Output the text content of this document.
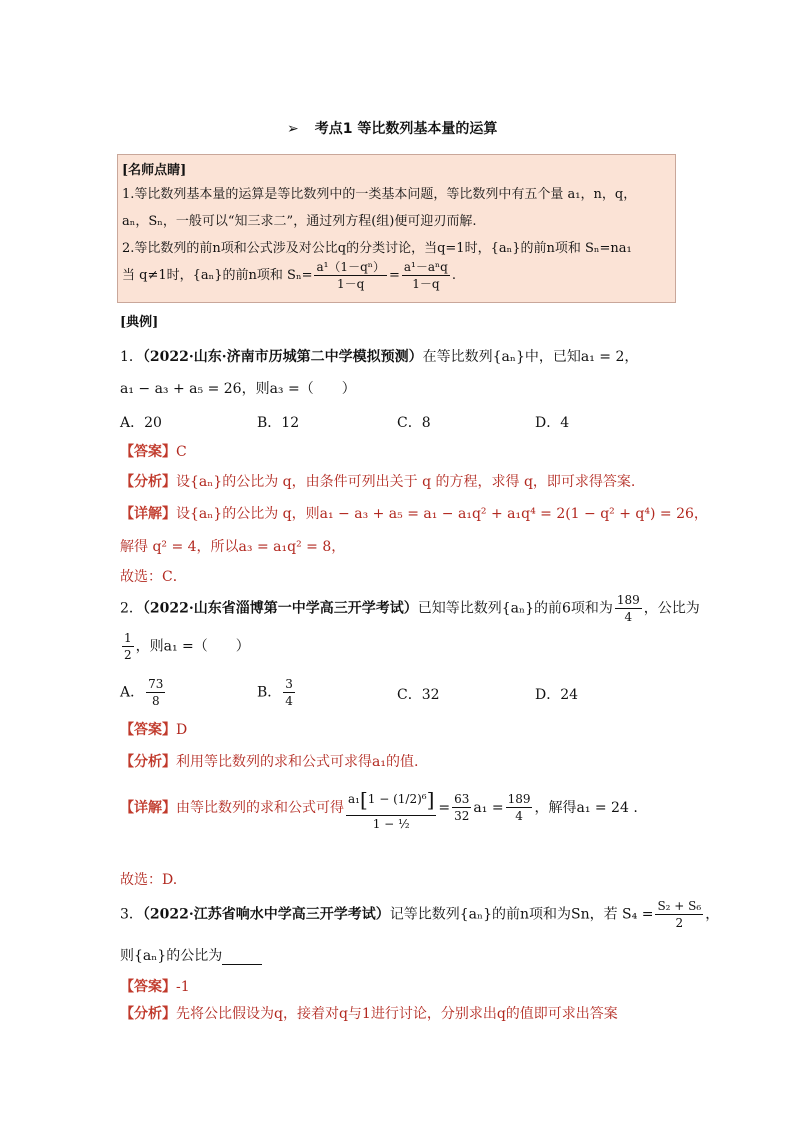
➢ 考点1 等比数列基本量的运算
[名师点睛]
1.等比数列基本量的运算是等比数列中的一类基本问题，等比数列中有五个量 a₁，n，q，
aₙ，Sₙ，一般可以“知三求二”，通过列方程(组)便可迎刃而解.
2.等比数列的前n项和公式涉及对公比q的分类讨论，当q=1时，{aₙ}的前n项和 Sₙ=na₁
当 q≠1时，{aₙ}的前n项和 $S_n= \frac{\text{a¹（1－qⁿ）}}{1-q} = \frac{\text{a¹－aⁿq}}{1-q}$ .
[典例]
1．（2022·山东·济南市历城第二中学模拟预测）在等比数列{aₙ}中，已知a₁ = 2，
a₁ − a₃ + a₅ = 26，则a₃ =（　　）
A．20	B．12	C．8	D．4
【答案】C
【分析】设{aₙ}的公比为 q，由条件可列出关于 q 的方程，求得 q，即可求得答案.
【详解】设{aₙ}的公比为 q，则a₁ − a₃ + a₅ = a₁ − a₁q² + a₁q⁴ = 2(1 − q² + q⁴) = 26，
解得 q² = 4，所以a₃ = a₁q² = 8，
故选：C．
2．（2022·山东省淄博第一中学高三开学考试）已知等比数列{aₙ}的前6项和为 $\frac{189}{4}$ ，公比为
$\frac{1}{2}$ ，则a₁ =（　　）
A． $\frac{73}{8}$	B． $\frac{3}{4}$	C．32	D．24
【答案】D
【分析】利用等比数列的求和公式可求得a₁的值.
【详解】由等比数列的求和公式可得 $\frac{\text{a₁[1 − (1/2)⁶]}}{\text{1 − ½}} = \frac{63}{32} a_1 = \frac{189}{4}$ ，解得a₁ = 24 .
故选：D.
3．（2022·江苏省响水中学高三开学考试）记等比数列{aₙ}的前n项和为Sn，若 $S_4 = \frac{\text{S₂ + S₆}}{2}$ ，
则{aₙ}的公比为
【答案】-1
【分析】先将公比假设为q，接着对q与1进行讨论，分别求出q的值即可求出答案
